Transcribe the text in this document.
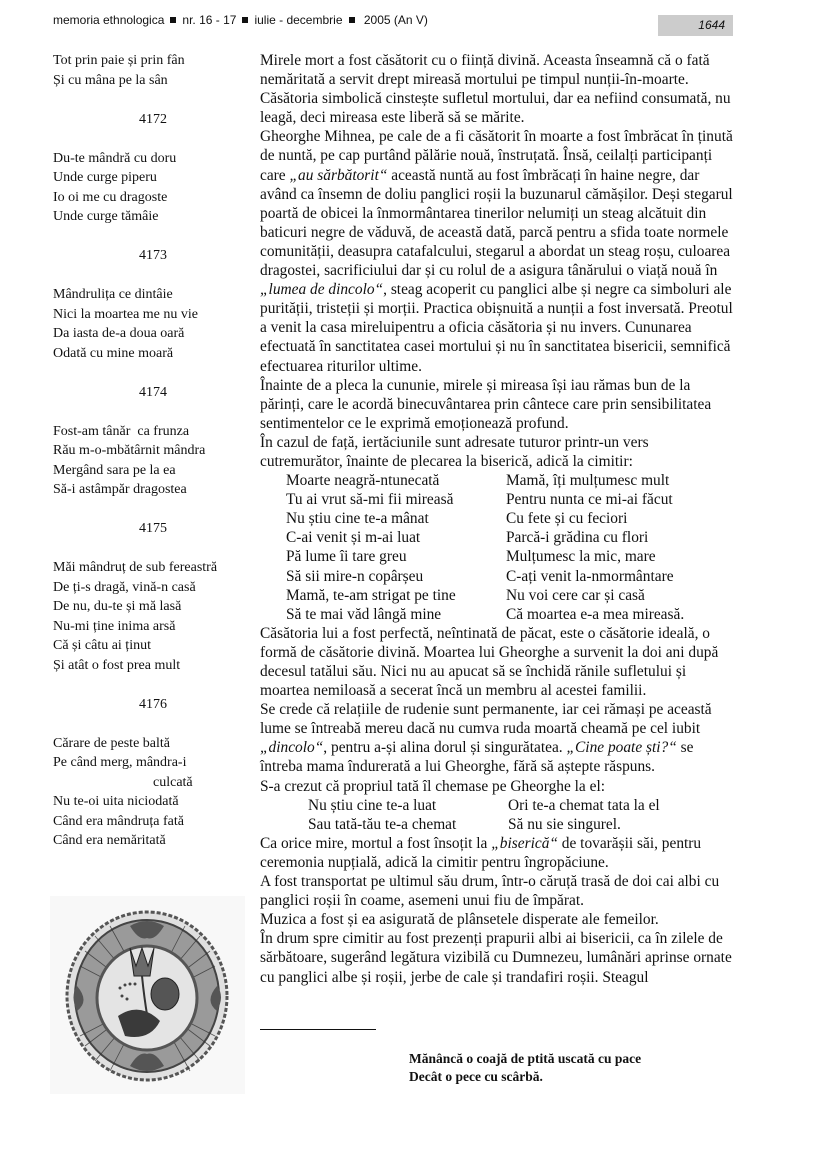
memoria ethnologica nr. 16 - 17 iulie - decembrie 2005 (An V)	1644
Tot prin paie și prin fân
Și cu mâna pe la sân
4172
Du-te mândră cu doru
Unde curge piperu
Io oi me cu dragoste
Unde curge tămâie
4173
Mândrulița ce dintâie
Nici la moartea me nu vie
Da iasta de-a doua oară
Odată cu mine moară
4174
Fost-am tânăr  ca frunza
Rău m-o-mbătârnit mândra
Mergând sara pe la ea
Să-i astâmpăr dragostea
4175
Măi mândruț de sub fereastră
De ți-s dragă, vină-n casă
De nu, du-te și mă lasă
Nu-mi ține inima arsă
Că și câtu ai ținut
Și atât o fost prea mult
4176
Cărare de peste baltă
Pe când merg, mândra-i
culcată
Nu te-oi uita niciodată
Când era mândruța fată
Când era nemăritată

Mirele mort a fost căsătorit cu o ființă divină. Aceasta înseamnă că o fată nemăritată a servit drept mireasă mortului pe timpul nunții-în-moarte. Căsătoria simbolică cinstește sufletul mortului, dar ea nefiind consumată, nu leagă, deci mireasa este liberă să se mărite.

Gheorghe Mihnea, pe cale de a fi căsătorit în moarte a fost îmbrăcat în ținută de nuntă, pe cap purtând pălărie nouă, înstruțată. Însă, ceilalți participanți care „au sărbătorit“ această nuntă au fost îmbrăcați în haine negre, dar având ca însemn de doliu panglici roșii la buzunarul cămășilor. Deși stegarul poartă de obicei la înmormântarea tinerilor nelumiți un steag alcătuit din baticuri negre de văduvă, de această dată, parcă pentru a sfida toate normele comunității, deasupra catafalcului, stegarul a abordat un steag roșu, culoarea dragostei, sacrificiului dar și cu rolul de a asigura tânărului o viață nouă în „lumea de dincolo“, steag acoperit cu panglici albe și negre ca simboluri ale purității, tristeții și morții. Practica obișnuită a nunții a fost inversată. Preotul a venit la casa mireluipentru a oficia căsătoria și nu invers. Cununarea efectuată în sanctitatea casei mortului și nu în sanctitatea bisericii, semnifică efectuarea riturilor ultime.

Înainte de a pleca la cununie, mirele și mireasa își iau rămas bun de la părinți, care le acordă binecuvântarea prin cântece care prin sensibilitatea sentimentelor ce le exprimă emoționează profund.

În cazul de față, iertăciunile sunt adresate tuturor printr-un vers cutremurător, înainte de plecarea la biserică, adică la cimitir:

Moarte neagră-ntunecată	Mamă, îți mulțumesc mult
Tu ai vrut să-mi fii mireasă	Pentru nunta ce mi-ai făcut
Nu știu cine te-a mânat	Cu fete și cu feciori
C-ai venit și m-ai luat	Parcă-i grădina cu flori
Pă lume îi tare greu	Mulțumesc la mic, mare
Să sii mire-n copârșeu	C-ați venit la-nmormântare
Mamă, te-am strigat pe tine	Nu voi cere car și casă
Să te mai văd lângă mine	Că moartea e-a mea mireasă.

Căsătoria lui a fost perfectă, neîntinată de păcat, este o căsătorie ideală, o formă de căsătorie divină. Moartea lui Gheorghe a survenit la doi ani după decesul tatălui său. Nici nu au apucat să se închidă rănile sufletului și moartea nemiloasă a secerat încă un membru al acestei familii.

Se crede că relațiile de rudenie sunt permanente, iar cei rămași pe această lume se întreabă mereu dacă nu cumva ruda moartă cheamă pe cel iubit „dincolo“, pentru a-și alina dorul și singurătatea. „Cine poate ști?“ se întreba mama îndurerată a lui Gheorghe, fără să aștepte răspuns.

S-a crezut că propriul tată îl chemase pe Gheorghe la el:

Nu știu cine te-a luat	Ori te-a chemat tata la el
Sau tată-tău te-a chemat	Să nu sie singurel.

Ca orice mire, mortul a fost însoțit la „biserică“ de tovarășii săi, pentru ceremonia nupțială, adică la cimitir pentru îngropăciune.

A fost transportat pe ultimul său drum, într-o căruță trasă de doi cai albi cu panglici roșii în coame, asemeni unui fiu de împărat.

Muzica a fost și ea asigurată de plânsetele disperate ale femeilor.

În drum spre cimitir au fost prezenți prapurii albi ai bisericii, ca în zilele de sărbătoare, sugerând legătura vizibilă cu Dumnezeu, lumânări aprinse ornate cu panglici albe și roșii, jerbe de cale și trandafiri roșii. Steagul

Mănâncă o coajă de ptită uscată cu pace
Decât o pece cu scârbă.
